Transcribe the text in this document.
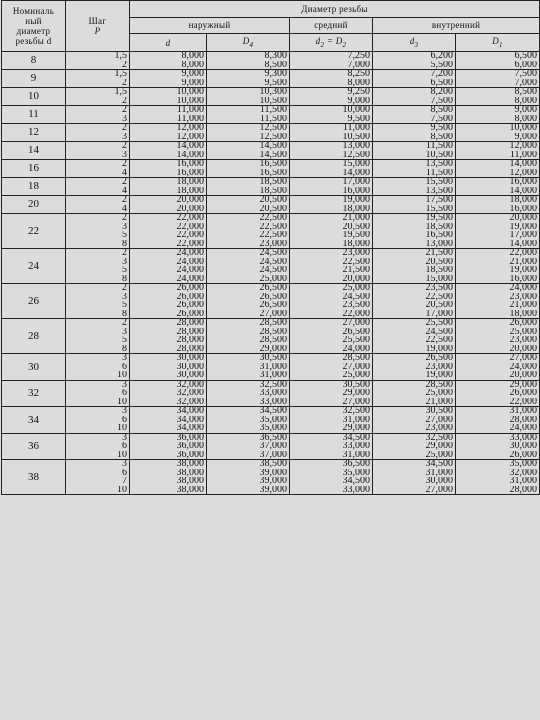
Номиналь
ный
диаметр
резьбы d	Шаг
P	Диаметр резьбы				
		наружный		средний	внутренний	
		d	$D_4$	$d_2 = D_2$	$d_3$	$D_1$
8	1,5	8,000	8,300	7,250	6,200	6,500
	2	8,000	8,500	7,000	5,500	6,000
9	1,5	9,000	9,300	8,250	7,200	7,500
	2	9,000	9,500	8,000	6,500	7,000
10	1,5	10,000	10,300	9,250	8,200	8,500
	2	10,000	10,500	9,000	7,500	8,000
11	2	11,000	11,500	10,000	8,500	9,000
	3	11,000	11,500	9,500	7,500	8,000
12	2	12,000	12,500	11,000	9,500	10,000
	3	12,000	12,500	10,500	8,500	9,000
14	2	14,000	14,500	13,000	11,500	12,000
	3	14,000	14,500	12,500	10,500	11,000
16	2	16,000	16,500	15,000	13,500	14,000
	4	16,000	16,500	14,000	11,500	12,000
18	2	18,000	18,500	17,000	15,500	16,000
	4	18,000	18,500	16,000	13,500	14,000
20	2	20,000	20,500	19,000	17,500	18,000
	4	20,000	20,500	18,000	15,500	16,000
22	2	22,000	22,500	21,000	19,500	20,000
	3	22,000	22,500	20,500	18,500	19,000
	5	22,000	22,500	19,500	16,500	17,000
	8	22,000	23,000	18,000	13,000	14,000
24	2	24,000	24,500	23,000	21,500	22,000
	3	24,000	24,500	22,500	20,500	21,000
	5	24,000	24,500	21,500	18,500	19,000
	8	24,000	25,000	20,000	15,000	16,000
26	2	26,000	26,500	25,000	23,500	24,000
	3	26,000	26,500	24,500	22,500	23,000
	5	26,000	26,500	23,500	20,500	21,000
	8	26,000	27,000	22,000	17,000	18,000
28	2	28,000	28,500	27,000	25,500	26,000
	3	28,000	28,500	26,500	24,500	25,000
	5	28,000	28,500	25,500	22,500	23,000
	8	28,000	29,000	24,000	19,000	20,000
30	3	30,000	30,500	28,500	26,500	27,000
	6	30,000	31,000	27,000	23,000	24,000
	10	30,000	31,000	25,000	19,000	20,000
32	3	32,000	32,500	30,500	28,500	29,000
	6	32,000	33,000	29,000	25,000	26,000
	10	32,000	33,000	27,000	21,000	22,000
34	3	34,000	34,500	32,500	30,500	31,000
	6	34,000	35,000	31,000	27,000	28,000
	10	34,000	35,000	29,000	23,000	24,000
36	3	36,000	36,500	34,500	32,500	33,000
	6	36,000	37,000	33,000	29,000	30,000
	10	36,000	37,000	31,000	25,000	26,000
38	3	38,000	38,500	36,500	34,500	35,000
	6	38,000	39,000	35,000	31,000	32,000
	7	38,000	39,000	34,500	30,000	31,000
	10	38,000	39,000	33,000	27,000	28,000
